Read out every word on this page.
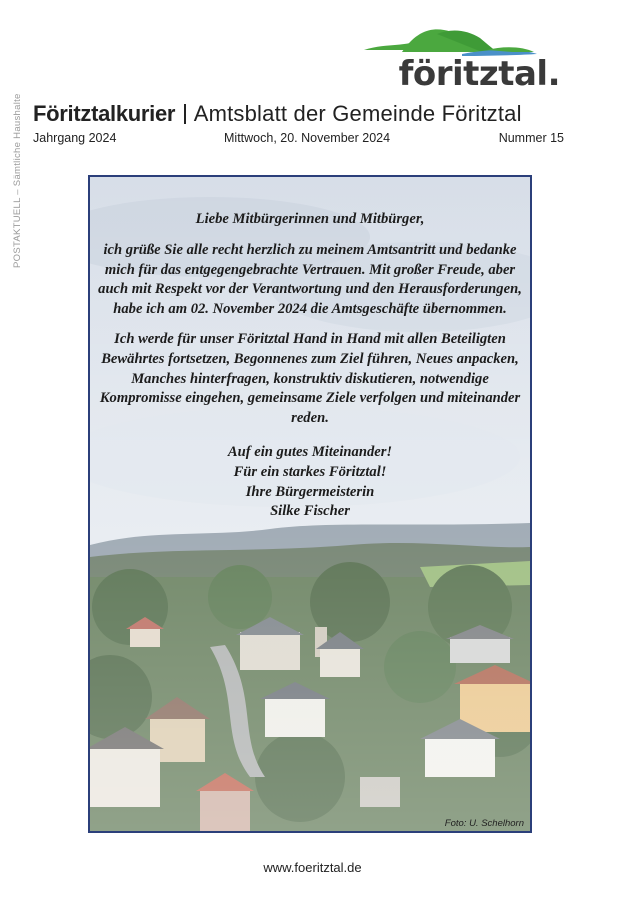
POSTAKTUELL – Sämtliche Haushalte
föritztal.
Föritztalkurier Amtsblatt der Gemeinde Föritztal
Jahrgang 2024	Mittwoch, 20. November 2024	Nummer 15

Liebe Mitbürgerinnen und Mitbürger,

ich grüße Sie alle recht herzlich zu meinem Amtsantritt und bedanke mich für das entgegengebrachte Vertrauen. Mit großer Freude, aber auch mit Respekt vor der Verantwortung und den Herausforderungen, habe ich am 02. November 2024 die Amtsgeschäfte übernommen.

Ich werde für unser Föritztal Hand in Hand mit allen Beteiligten Bewährtes fortsetzen, Begonnenes zum Ziel führen, Neues anpacken, Manches hinterfragen, konstruktiv diskutieren, notwendige Kompromisse eingehen, gemeinsame Ziele verfolgen und miteinander reden.

Auf ein gutes Miteinander!

Für ein starkes Föritztal!

Ihre Bürgermeisterin

Silke Fischer

Foto: U. Schelhorn
www.foeritztal.de
